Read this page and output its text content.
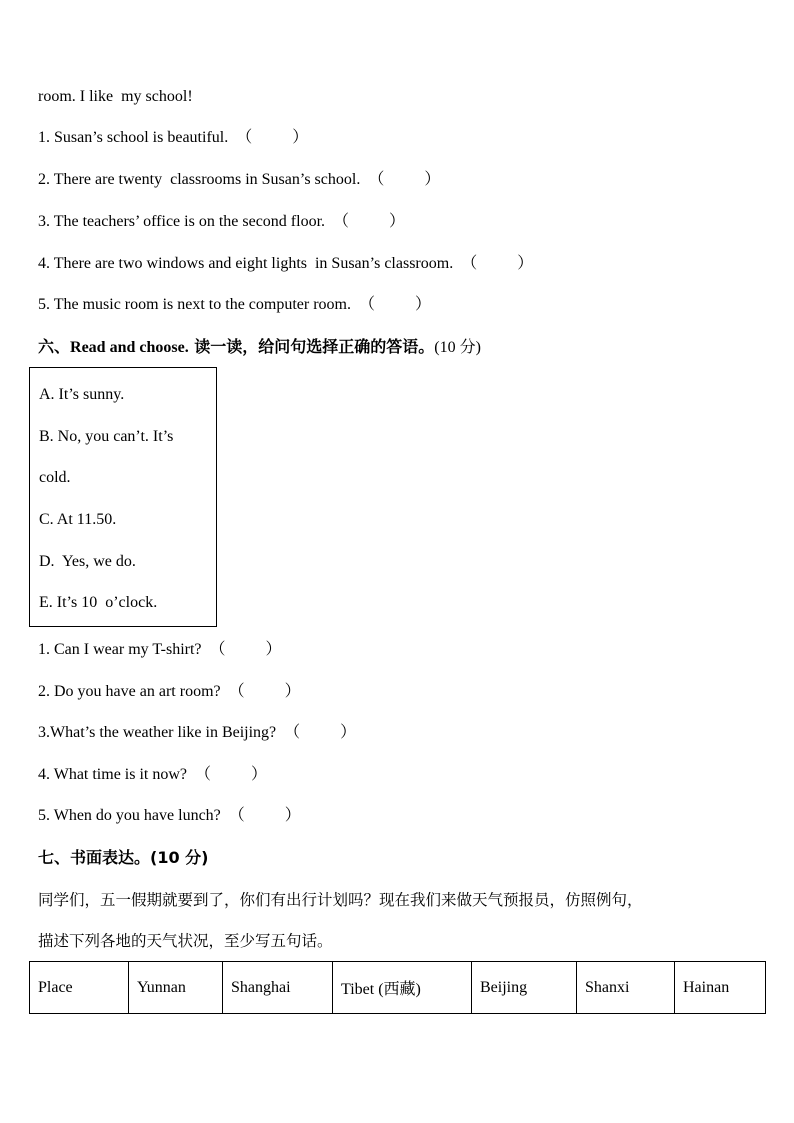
room. I like  my school!
1. Susan’s school is beautiful. （          ）
2. There are twenty  classrooms in Susan’s school. （          ）
3. The teachers’ office is on the second floor. （          ）
4. There are two windows and eight lights  in Susan’s classroom. （          ）
5. The music room is next to the computer room. （          ）
六、Read and choose. 读一读，给问句选择正确的答语。(10 分)
A. It’s sunny.
B. No, you can’t. It’s
cold.
C. At 11.50.
D.  Yes, we do.
E. It’s 10  o’clock.
1. Can I wear my T-shirt? （          ）
2. Do you have an art room? （          ）
3.What’s the weather like in Beijing? （          ）
4. What time is it now? （          ）
5. When do you have lunch? （          ）
七、书面表达。(10 分)
同学们，五一假期就要到了，你们有出行计划吗？现在我们来做天气预报员，仿照例句，
描述下列各地的天气状况，至少写五句话。
Place	Yunnan	Shanghai	Tibet (西藏)	Beijing	Shanxi	Hainan
